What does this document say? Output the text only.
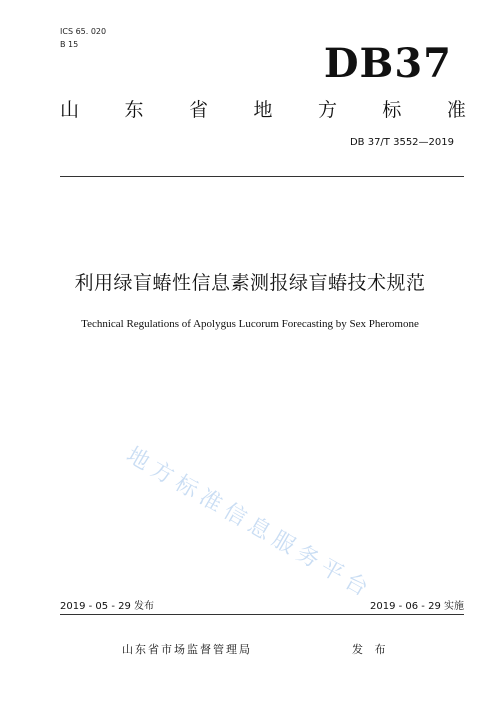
ICS 65. 020
B 15	DB37
山 东 省 地 方 标 准
DB 37/T 3552—2019
利用绿盲蝽性信息素测报绿盲蝽技术规范
Technical Regulations of Apolygus Lucorum Forecasting by Sex Pheromone
地方标准信息服务平台
2019 - 05 - 29 发布	2019 - 06 - 29 实施
山东省市场监督管理局	发 布
